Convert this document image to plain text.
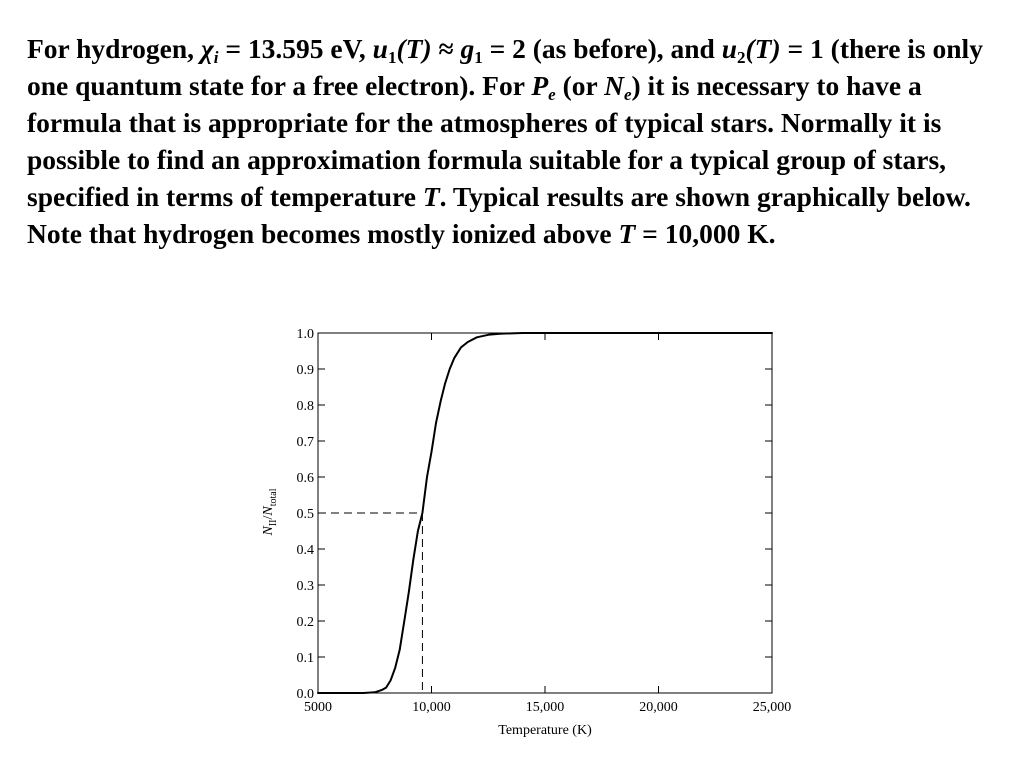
For hydrogen, $\chi_i = 13.595$ eV, $u_1(T) \approx g_1 = 2$ (as before), and $u_2(T) = 1$ (there is only one quantum state for a free electron). For $P_e$ (or $N_e$) it is necessary to have a formula that is appropriate for the atmospheres of typical stars. Normally it is possible to find an approximation formula suitable for a typical group of stars, specified in terms of temperature T. Typical results are shown graphically below. Note that hydrogen becomes mostly ionized above T = 10,000 K.

5000	10,000	15,000	20,000	25,000
0.0
0.1
0.2
0.3
0.4
0.5
0.6
0.7
0.8
0.9
1.0
Temperature (K)
$N_{II}/N_{total}$
